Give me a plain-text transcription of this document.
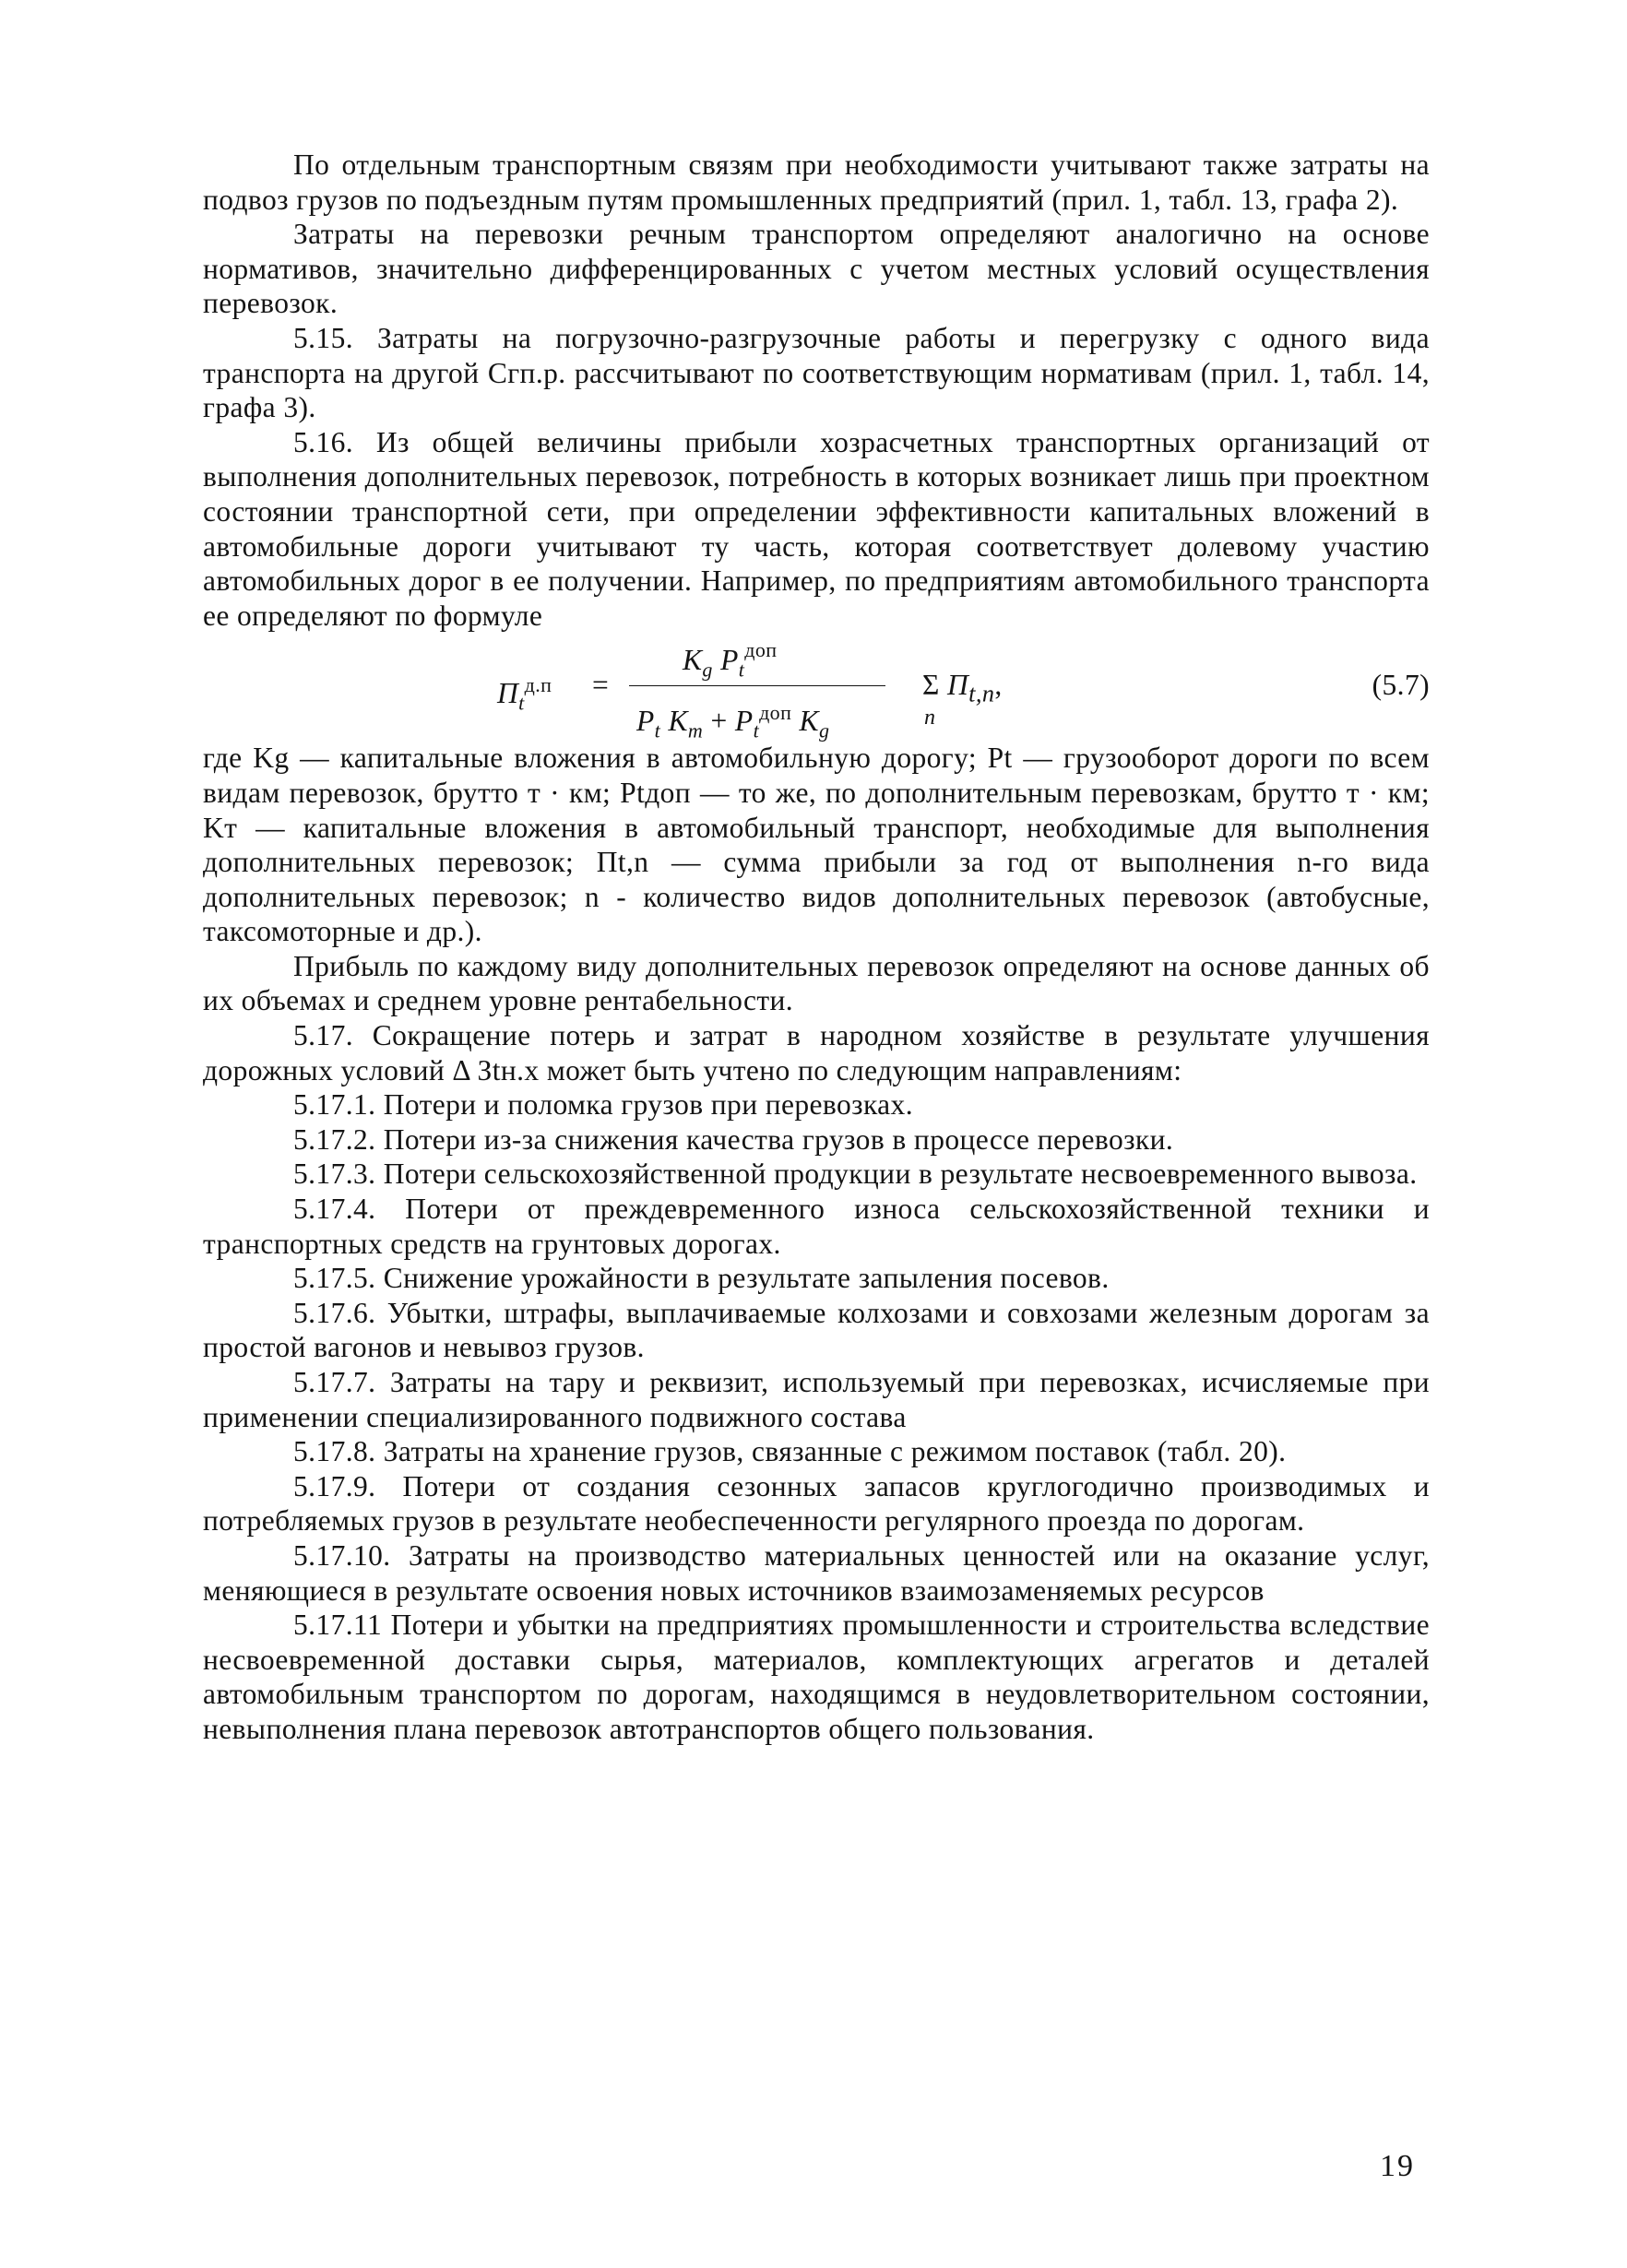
По отдельным транспортным связям при необходимости учитывают также затраты на подвоз грузов по подъездным путям промышленных предприятий (прил. 1, табл. 13, графа 2).

Затраты на перевозки речным транспортом определяют аналогично на основе нормативов, значительно дифференцированных с учетом местных условий осуществления перевозок.

5.15. Затраты на погрузочно-разгрузочные работы и перегрузку с одного вида транспорта на другой Cгп.р. рассчитывают по соответствующим нормативам (прил. 1, табл. 14, графа 3).

5.16. Из общей величины прибыли хозрасчетных транспортных организаций от выполнения дополнительных перевозок, потребность в которых возникает лишь при проектном состоянии транспортной сети, при определении эффективности капитальных вложений в автомобильные дороги учитывают ту часть, которая соответствует долевому участию автомобильных дорог в ее получении. Например, по предприятиям автомобильного транспорта ее определяют по формуле

$П_t^{д.п}$ =
$K_g$ $P_t^{доп}$
$P_t$ $K_т + P_t^{доп}$ $K_g$
Σ $П_{t,n}$,
n
(5.7)

где Kg — капитальные вложения в автомобильную дорогу; Pt — грузооборот дороги по всем видам перевозок, брутто т · км; Ptдоп — то же, по дополнительным перевозкам, брутто т · км; Kт — капитальные вложения в автомобильный транспорт, необходимые для выполнения дополнительных перевозок; Пt,n — сумма прибыли за год от выполнения n-го вида дополнительных перевозок; n - количество видов дополнительных перевозок (автобусные, таксомоторные и др.).

Прибыль по каждому виду дополнительных перевозок определяют на основе данных об их объемах и среднем уровне рентабельности.

5.17. Сокращение потерь и затрат в народном хозяйстве в результате улучшения дорожных условий Δ Зtн.х может быть учтено по следующим направлениям:

5.17.1. Потери и поломка грузов при перевозках.

5.17.2. Потери из-за снижения качества грузов в процессе перевозки.

5.17.3. Потери сельскохозяйственной продукции в результате несвоевременного вывоза.

5.17.4. Потери от преждевременного износа сельскохозяйственной техники и транспортных средств на грунтовых дорогах.

5.17.5. Снижение урожайности в результате запыления посевов.

5.17.6. Убытки, штрафы, выплачиваемые колхозами и совхозами железным дорогам за простой вагонов и невывоз грузов.

5.17.7. Затраты на тару и реквизит, используемый при перевозках, исчисляемые при применении специализированного подвижного состава

5.17.8. Затраты на хранение грузов, связанные с режимом поставок (табл. 20).

5.17.9. Потери от создания сезонных запасов круглогодично производимых и потребляемых грузов в результате необеспеченности регулярного проезда по дорогам.

5.17.10. Затраты на производство материальных ценностей или на оказание услуг, меняющиеся в результате освоения новых источников взаимозаменяемых ресурсов

5.17.11 Потери и убытки на предприятиях промышленности и строительства вследствие несвоевременной доставки сырья, материалов, комплектующих агрегатов и деталей автомобильным транспортом по дорогам, находящимся в неудовлетворительном состоянии, невыполнения плана перевозок автотранспортов общего пользования.

19
